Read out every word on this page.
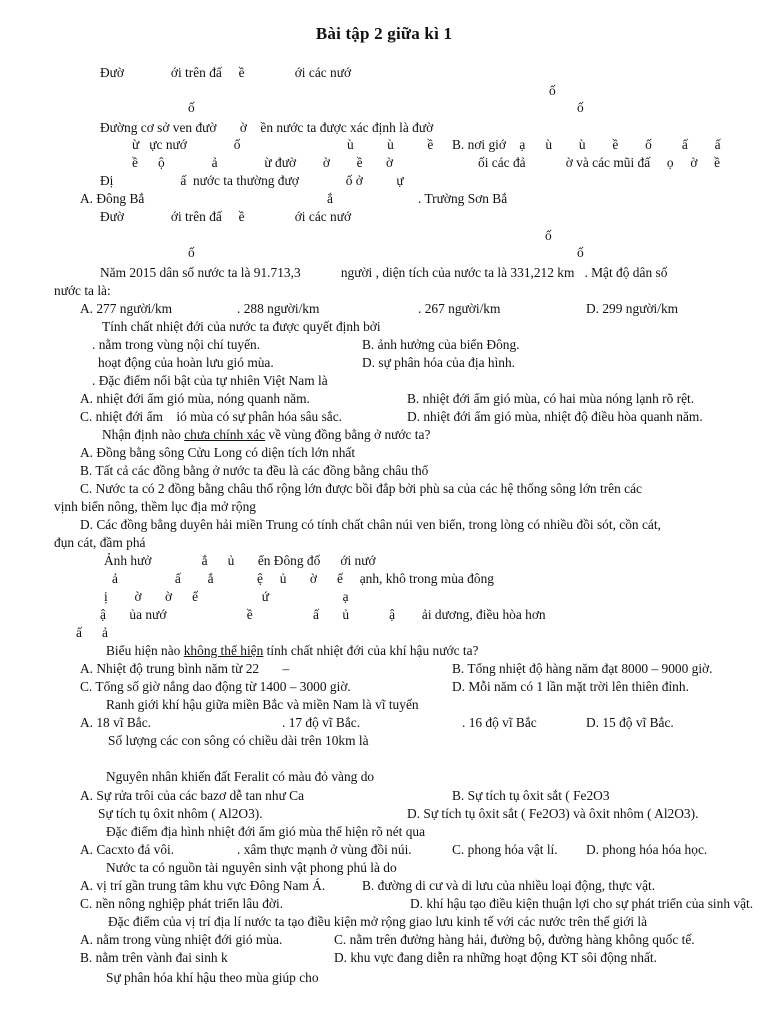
Bài tập 2 giữa kì 1
Đườ              ới trên đấ     ề               ới các nướ
ố
ố	ố
Đường cơ sở ven đườ       ờ    ền nước ta được xác định là đườ
ừ   ực nướ              ố	ù          ù          ề B. nơi giớ    ạ      ù        ù        ề        ố         ấ        ấ
ề      ộ              ả              ừ đườ        ờ        ề       ờ	ối các đả            ờ và các mũi đấ     ọ     ờ     ề
Đị                    ấ  nước ta thường đượ              ố ở          ự
A. Đông Bắ	ắ	. Trường Sơn Bắ
Đườ              ới trên đấ     ề               ới các nướ
ố
ố	ố
Năm 2015 dân số nước ta là 91.713,3            người , diện tích của nước ta là 331,212 km   . Mật độ dân số
nước ta là:
A. 277 người/km	. 288 người/km	. 267 người/km	D. 299 người/km
Tính chất nhiệt đới của nước ta được quyết định bởi
. nằm trong vùng nội chí tuyến.	B. ảnh hưởng của biển Đông.
hoạt động của hoàn lưu gió mùa.	D. sự phân hóa của địa hình.
. Đặc điểm nổi bật của tự nhiên Việt Nam là
A. nhiệt đới ẩm gió mùa, nóng quanh năm.	B. nhiệt đới ẩm gió mùa, có hai mùa nóng lạnh rõ rệt.
C. nhiệt đới ẩm    ió mùa có sự phân hóa sâu sắc.	D. nhiệt đới ẩm gió mùa, nhiệt độ điều hòa quanh năm.
Nhận định nào chưa chính xác về vùng đồng bằng ở nước ta?
A. Đồng bằng sông Cửu Long có diện tích lớn nhất
B. Tất cả các đồng bằng ở nước ta đều là các đồng bằng châu thổ
C. Nước ta có 2 đồng bằng châu thổ rộng lớn được bồi đắp bởi phù sa của các hệ thống sông lớn trên các
vịnh biển nông, thềm lục địa mở rộng
D. Các đồng bằng duyên hải miền Trung có tính chất chân núi ven biển, trong lòng có nhiều đồi sót, cồn cát,
đụn cát, đầm phá
Ảnh hưở               ắ      ủ       ển Đông đố      ới nướ
ả                 ấ        ắ             ệ     ủ       ờ      ế     ạnh, khô trong mùa đông
ị        ờ       ờ      ế                   ứ                      ạ
ậ       ủa nướ                        ề                  ấ       ủ            ậ        ải dương, điều hòa hơn
ấ      ả
Biểu hiện nào không thể hiện tính chất nhiệt đới của khí hậu nước ta?
A. Nhiệt độ trung bình năm từ 22       –	B. Tổng nhiệt độ hàng năm đạt 8000 – 9000 giờ.
C. Tổng số giờ nắng dao động từ 1400 – 3000 giờ.	D. Mỗi năm có 1 lần mặt trời lên thiên đỉnh.
Ranh giới khí hậu giữa miền Bắc và miền Nam là vĩ tuyến
A. 18 vĩ Bắc.	. 17 độ vĩ Bắc.	. 16 độ vĩ Bắc	D. 15 độ vĩ Bắc.
Số lượng các con sông có chiều dài trên 10km là
Nguyên nhân khiến đất Feralit có màu đỏ vàng do
A. Sự rửa trôi của các bazơ dễ tan như Ca	B. Sự tích tụ ôxit sắt ( Fe2O3
Sự tích tụ ôxit nhôm ( Al2O3).	D. Sự tích tụ ôxit sắt ( Fe2O3) và ôxit nhôm ( Al2O3).
Đặc điểm địa hình nhiệt đới ẩm gió mùa thể hiện rõ nét qua
A. Cacxto đá vôi.	. xâm thực mạnh ở vùng đồi núi.	C. phong hóa vật lí. D. phong hóa hóa học.
Nước ta có nguồn tài nguyên sinh vật phong phú là do
A. vị trí gần trung tâm khu vực Đông Nam Á.	B. đường di cư và di lưu của nhiều loại động, thực vật.
C. nền nông nghiệp phát triển lâu đời.	D. khí hậu tạo điều kiện thuận lợi cho sự phát triển của sinh vật.
Đặc điểm của vị trí địa lí nước ta tạo điều kiện mở rộng giao lưu kinh tế với các nước trên thế giới là
A. nằm trong vùng nhiệt đới gió mùa.	C. nằm trên đường hàng hải, đường bộ, đường hàng không quốc tế.
B. nằm trên vành đai sinh k	D. khu vực đang diễn ra những hoạt động KT sôi động nhất.
Sự phân hóa khí hậu theo mùa giúp cho
